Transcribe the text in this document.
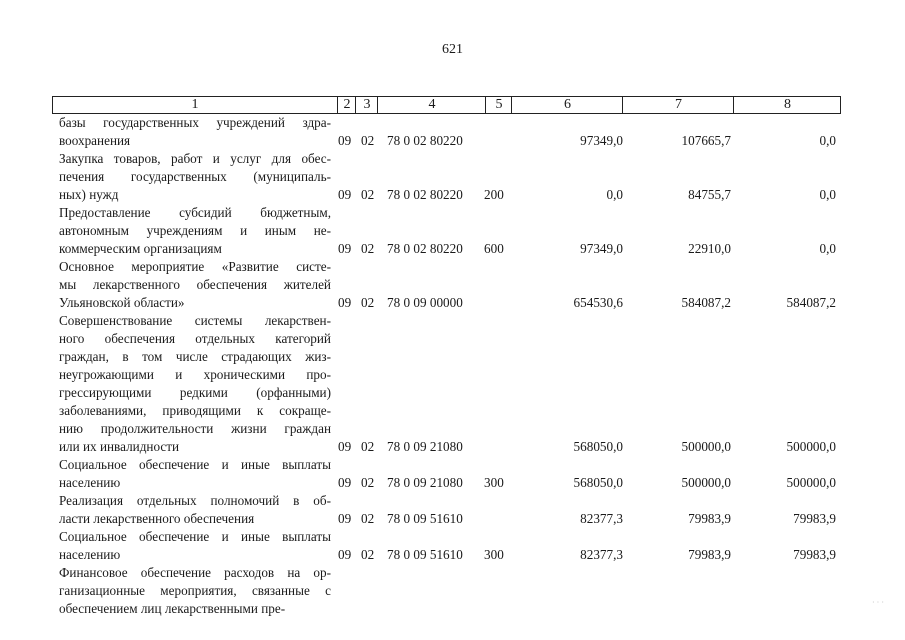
621
1	2 3	4	5	6	7	8
базы государственных учреждений здра-
воохранения	09 02 78 0 02 80220	97349,0	107665,7	0,0
Закупка товаров, работ и услуг для обес-
печения государственных (муниципаль-
ных) нужд	09 02 78 0 02 80220 200	0,0	84755,7	0,0
Предоставление субсидий бюджетным,
автономным учреждениям и иным не-
коммерческим организациям	09 02 78 0 02 80220 600	97349,0	22910,0	0,0
Основное мероприятие «Развитие систе-
мы лекарственного обеспечения жителей
Ульяновской области»	09 02 78 0 09 00000	654530,6	584087,2	584087,2
Совершенствование системы лекарствен-
ного обеспечения отдельных категорий
граждан, в том числе страдающих жиз-
неугрожающими и хроническими про-
грессирующими редкими (орфанными)
заболеваниями, приводящими к сокраще-
нию продолжительности жизни граждан
или их инвалидности	09 02 78 0 09 21080	568050,0	500000,0	500000,0
Социальное обеспечение и иные выплаты
населению	09 02 78 0 09 21080 300	568050,0	500000,0	500000,0
Реализация отдельных полномочий в об-
ласти лекарственного обеспечения	09 02 78 0 09 51610	82377,3	79983,9	79983,9
Социальное обеспечение и иные выплаты
населению	09 02 78 0 09 51610 300	82377,3	79983,9	79983,9
Финансовое обеспечение расходов на ор-
ганизационные мероприятия, связанные с
обеспечением лиц лекарственными пре-	· · ·
